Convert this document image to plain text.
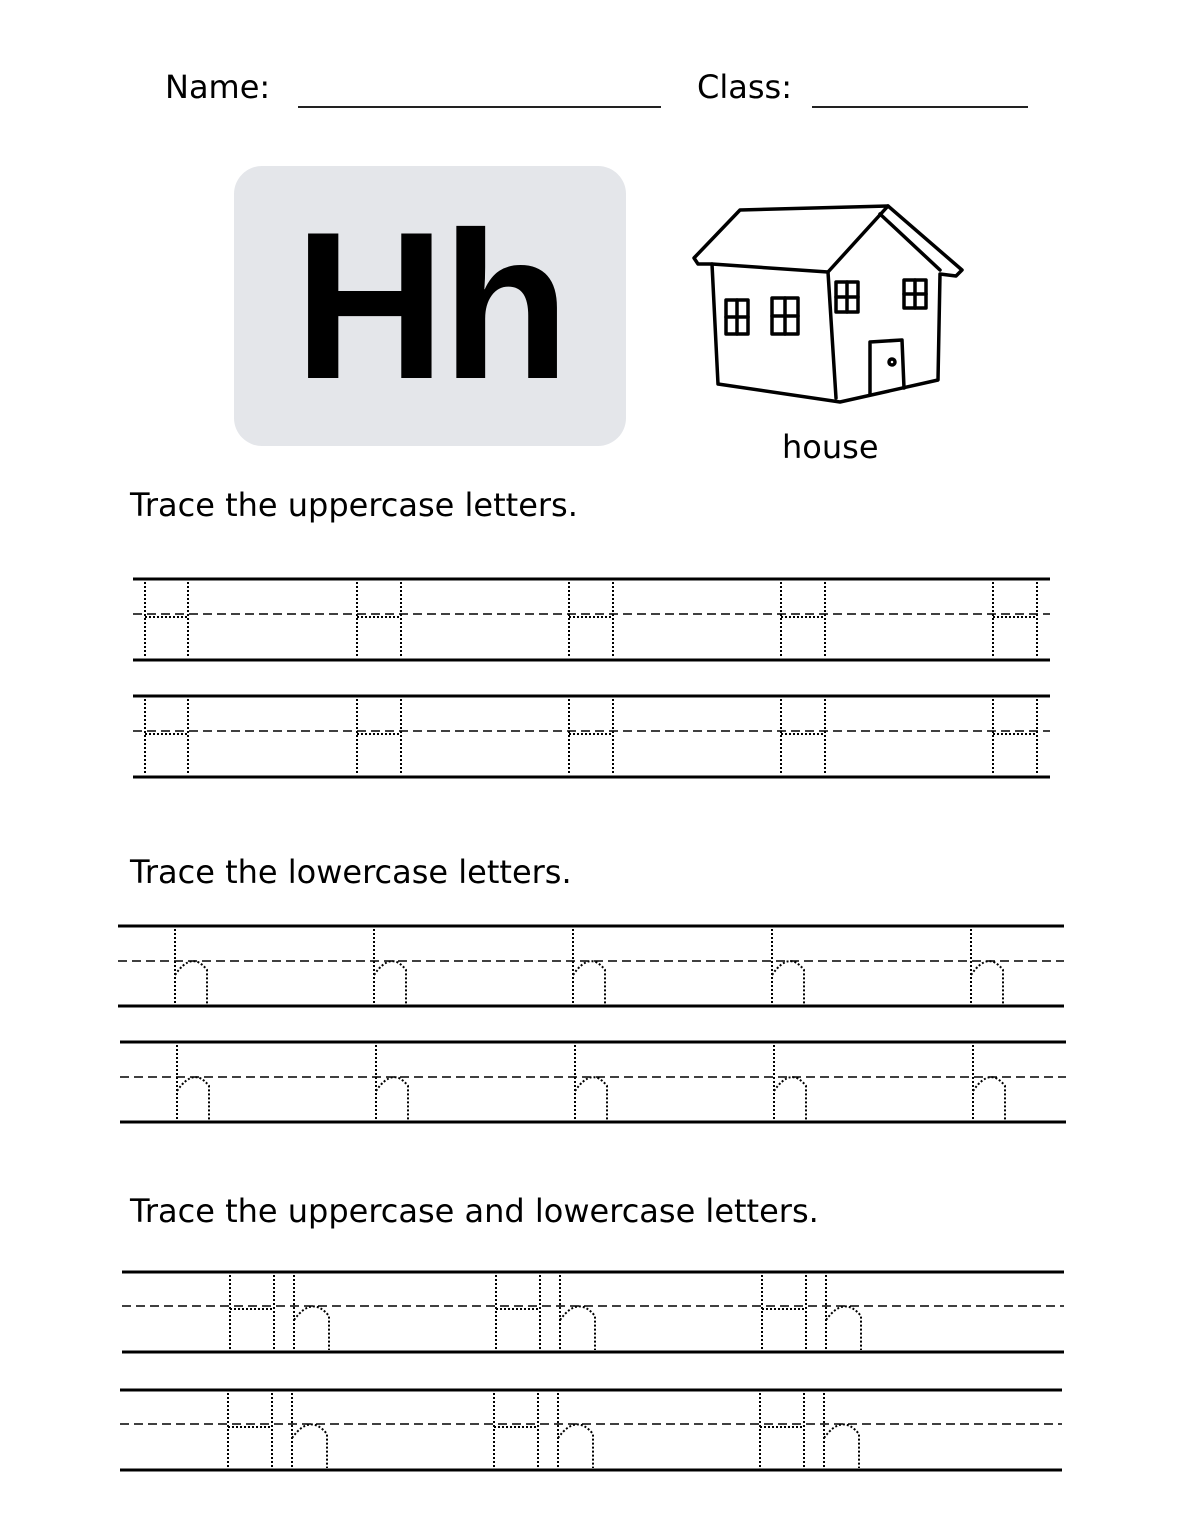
Name:	Class:
Hh
house
Trace the uppercase letters.
Trace the lowercase letters.
Trace the uppercase and lowercase letters.
